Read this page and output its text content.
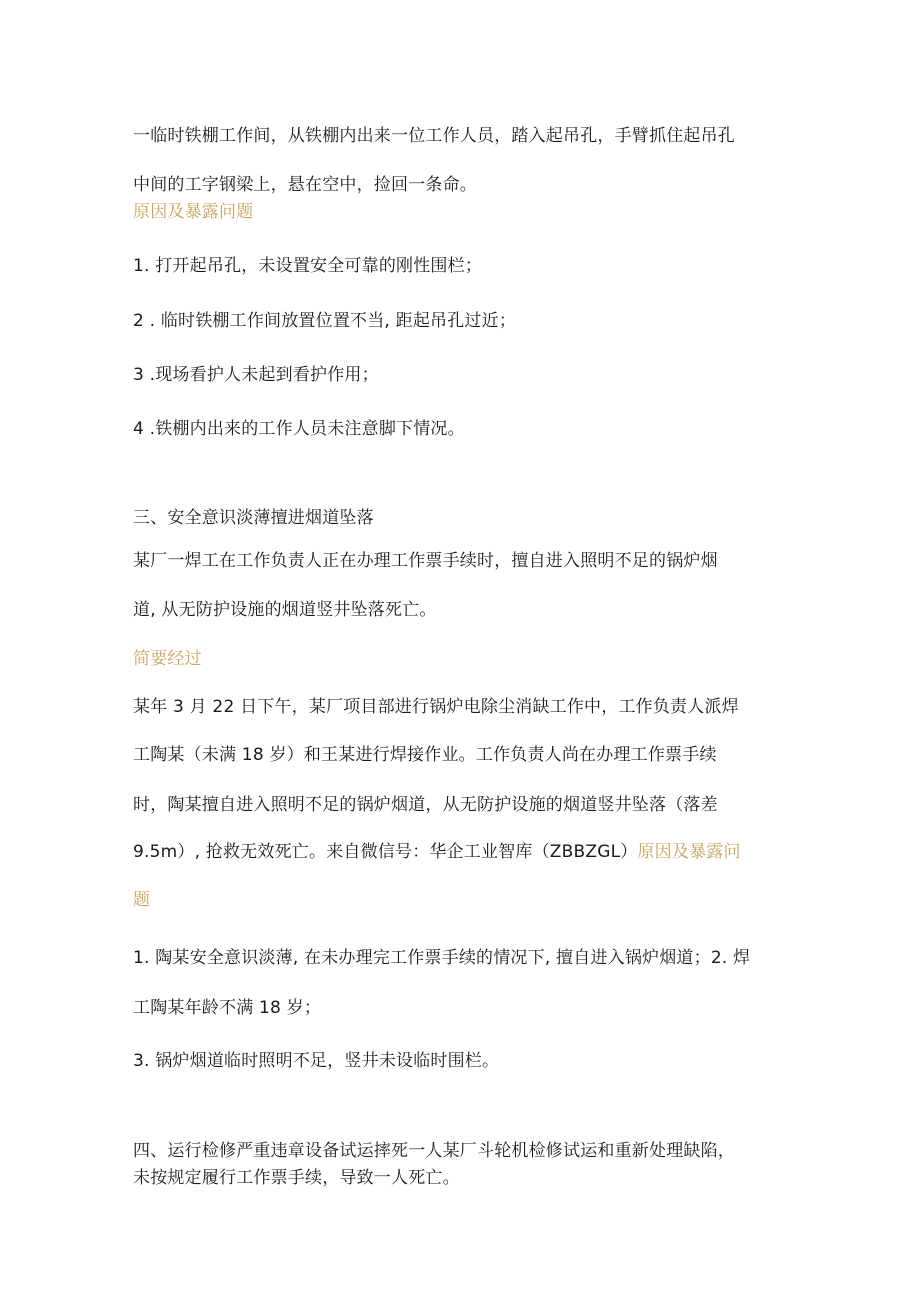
一临时铁棚工作间，从铁棚内出来一位工作人员，踏入起吊孔，手臂抓住起吊孔
中间的工字钢梁上，悬在空中，捡回一条命。
原因及暴露问题
1. 打开起吊孔，未设置安全可靠的刚性围栏；
2 . 临时铁棚工作间放置位置不当, 距起吊孔过近；
3 .现场看护人未起到看护作用；
4 .铁棚内出来的工作人员未注意脚下情况。
三、安全意识淡薄擅进烟道坠落
某厂一焊工在工作负责人正在办理工作票手续时，擅自进入照明不足的锅炉烟
道, 从无防护设施的烟道竖井坠落死亡。
简要经过
某年 3 月 22 日下午，某厂项目部进行锅炉电除尘消缺工作中，工作负责人派焊
工陶某（未满 18 岁）和王某进行焊接作业。工作负责人尚在办理工作票手续
时，陶某擅自进入照明不足的锅炉烟道，从无防护设施的烟道竖井坠落（落差
9.5m）, 抢救无效死亡。来自微信号：华企工业智库（ZBBZGL）原因及暴露问
题
1. 陶某安全意识淡薄, 在未办理完工作票手续的情况下, 擅自进入锅炉烟道；2. 焊
工陶某年龄不满 18 岁；
3. 锅炉烟道临时照明不足，竖井未设临时围栏。
四、运行检修严重违章设备试运摔死一人某厂斗轮机检修试运和重新处理缺陷，
未按规定履行工作票手续，导致一人死亡。
